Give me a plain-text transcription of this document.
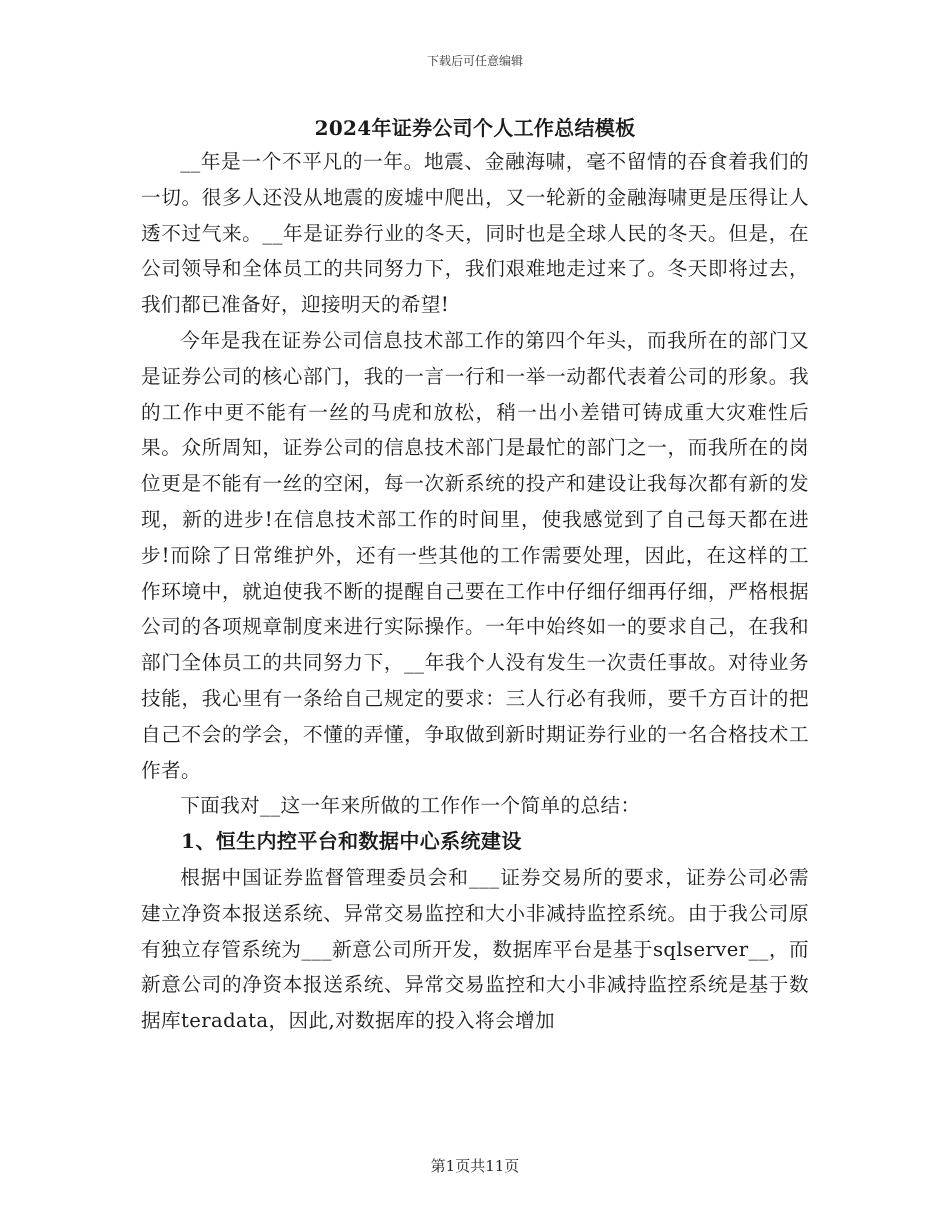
下载后可任意编辑
2024年证券公司个人工作总结模板

__年是一个不平凡的一年。地震、金融海啸，毫不留情的吞食着我们的一切。很多人还没从地震的废墟中爬出，又一轮新的金融海啸更是压得让人透不过气来。__年是证券行业的冬天，同时也是全球人民的冬天。但是，在公司领导和全体员工的共同努力下，我们艰难地走过来了。冬天即将过去，我们都已准备好，迎接明天的希望!

今年是我在证券公司信息技术部工作的第四个年头，而我所在的部门又是证券公司的核心部门，我的一言一行和一举一动都代表着公司的形象。我的工作中更不能有一丝的马虎和放松，稍一出小差错可铸成重大灾难性后果。众所周知，证券公司的信息技术部门是最忙的部门之一，而我所在的岗位更是不能有一丝的空闲，每一次新系统的投产和建设让我每次都有新的发现，新的进步!在信息技术部工作的时间里，使我感觉到了自己每天都在进步!而除了日常维护外，还有一些其他的工作需要处理，因此，在这样的工作环境中，就迫使我不断的提醒自己要在工作中仔细仔细再仔细，严格根据公司的各项规章制度来进行实际操作。一年中始终如一的要求自己，在我和部门全体员工的共同努力下，__年我个人没有发生一次责任事故。对待业务技能，我心里有一条给自己规定的要求：三人行必有我师，要千方百计的把自己不会的学会，不懂的弄懂，争取做到新时期证券行业的一名合格技术工作者。

下面我对__这一年来所做的工作作一个简单的总结：

1、恒生内控平台和数据中心系统建设

根据中国证券监督管理委员会和___证券交易所的要求，证券公司必需建立净资本报送系统、异常交易监控和大小非减持监控系统。由于我公司原有独立存管系统为___新意公司所开发，数据库平台是基于sqlserver__，而新意公司的净资本报送系统、异常交易监控和大小非减持监控系统是基于数据库teradata，因此,对数据库的投入将会增加

第1页共11页
